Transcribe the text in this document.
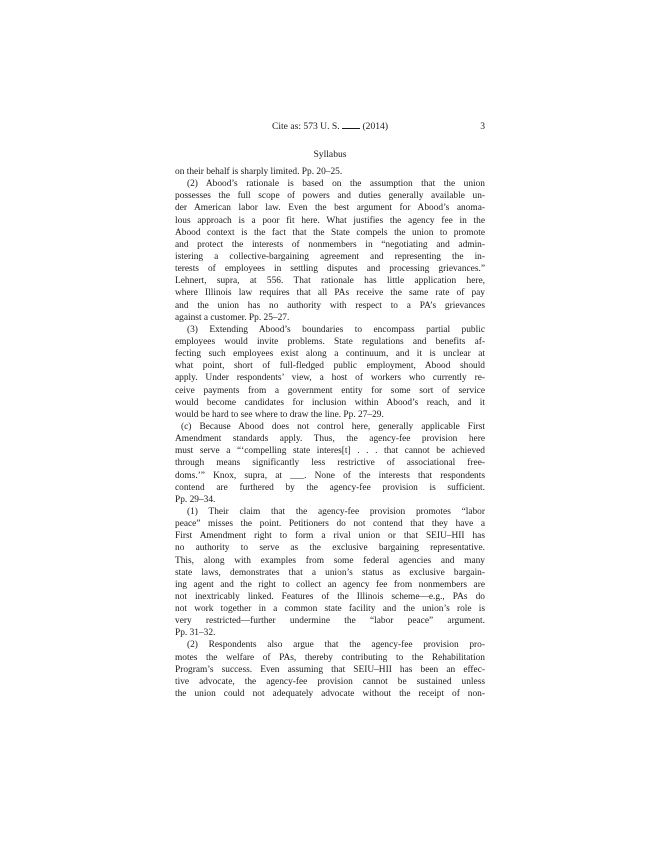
Cite as: 573 U. S. (2014)	3
Syllabus
on their behalf is sharply limited. Pp. 20–25.
(2) Abood’s rationale is based on the assumption that the union
possesses the full scope of powers and duties generally available un-
der American labor law. Even the best argument for Abood’s anoma-
lous approach is a poor fit here. What justifies the agency fee in the
Abood context is the fact that the State compels the union to promote
and protect the interests of nonmembers in “negotiating and admin-
istering a collective-bargaining agreement and representing the in-
terests of employees in settling disputes and processing grievances.”
Lehnert, supra, at 556. That rationale has little application here,
where Illinois law requires that all PAs receive the same rate of pay
and the union has no authority with respect to a PA’s grievances
against a customer. Pp. 25–27.
(3) Extending Abood’s boundaries to encompass partial public
employees would invite problems. State regulations and benefits af-
fecting such employees exist along a continuum, and it is unclear at
what point, short of full-fledged public employment, Abood should
apply. Under respondents’ view, a host of workers who currently re-
ceive payments from a government entity for some sort of service
would become candidates for inclusion within Abood’s reach, and it
would be hard to see where to draw the line. Pp. 27–29.
(c) Because Abood does not control here, generally applicable First
Amendment standards apply. Thus, the agency-fee provision here
must serve a “‘compelling state interes[t] . . . that cannot be achieved
through means significantly less restrictive of associational free-
doms.’” Knox, supra, at ___. None of the interests that respondents
contend are furthered by the agency-fee provision is sufficient.
Pp. 29–34.
(1) Their claim that the agency-fee provision promotes “labor
peace” misses the point. Petitioners do not contend that they have a
First Amendment right to form a rival union or that SEIU–HII has
no authority to serve as the exclusive bargaining representative.
This, along with examples from some federal agencies and many
state laws, demonstrates that a union’s status as exclusive bargain-
ing agent and the right to collect an agency fee from nonmembers are
not inextricably linked. Features of the Illinois scheme—e.g., PAs do
not work together in a common state facility and the union’s role is
very restricted—further undermine the “labor peace” argument.
Pp. 31–32.
(2) Respondents also argue that the agency-fee provision pro-
motes the welfare of PAs, thereby contributing to the Rehabilitation
Program’s success. Even assuming that SEIU–HII has been an effec-
tive advocate, the agency-fee provision cannot be sustained unless
the union could not adequately advocate without the receipt of non-
